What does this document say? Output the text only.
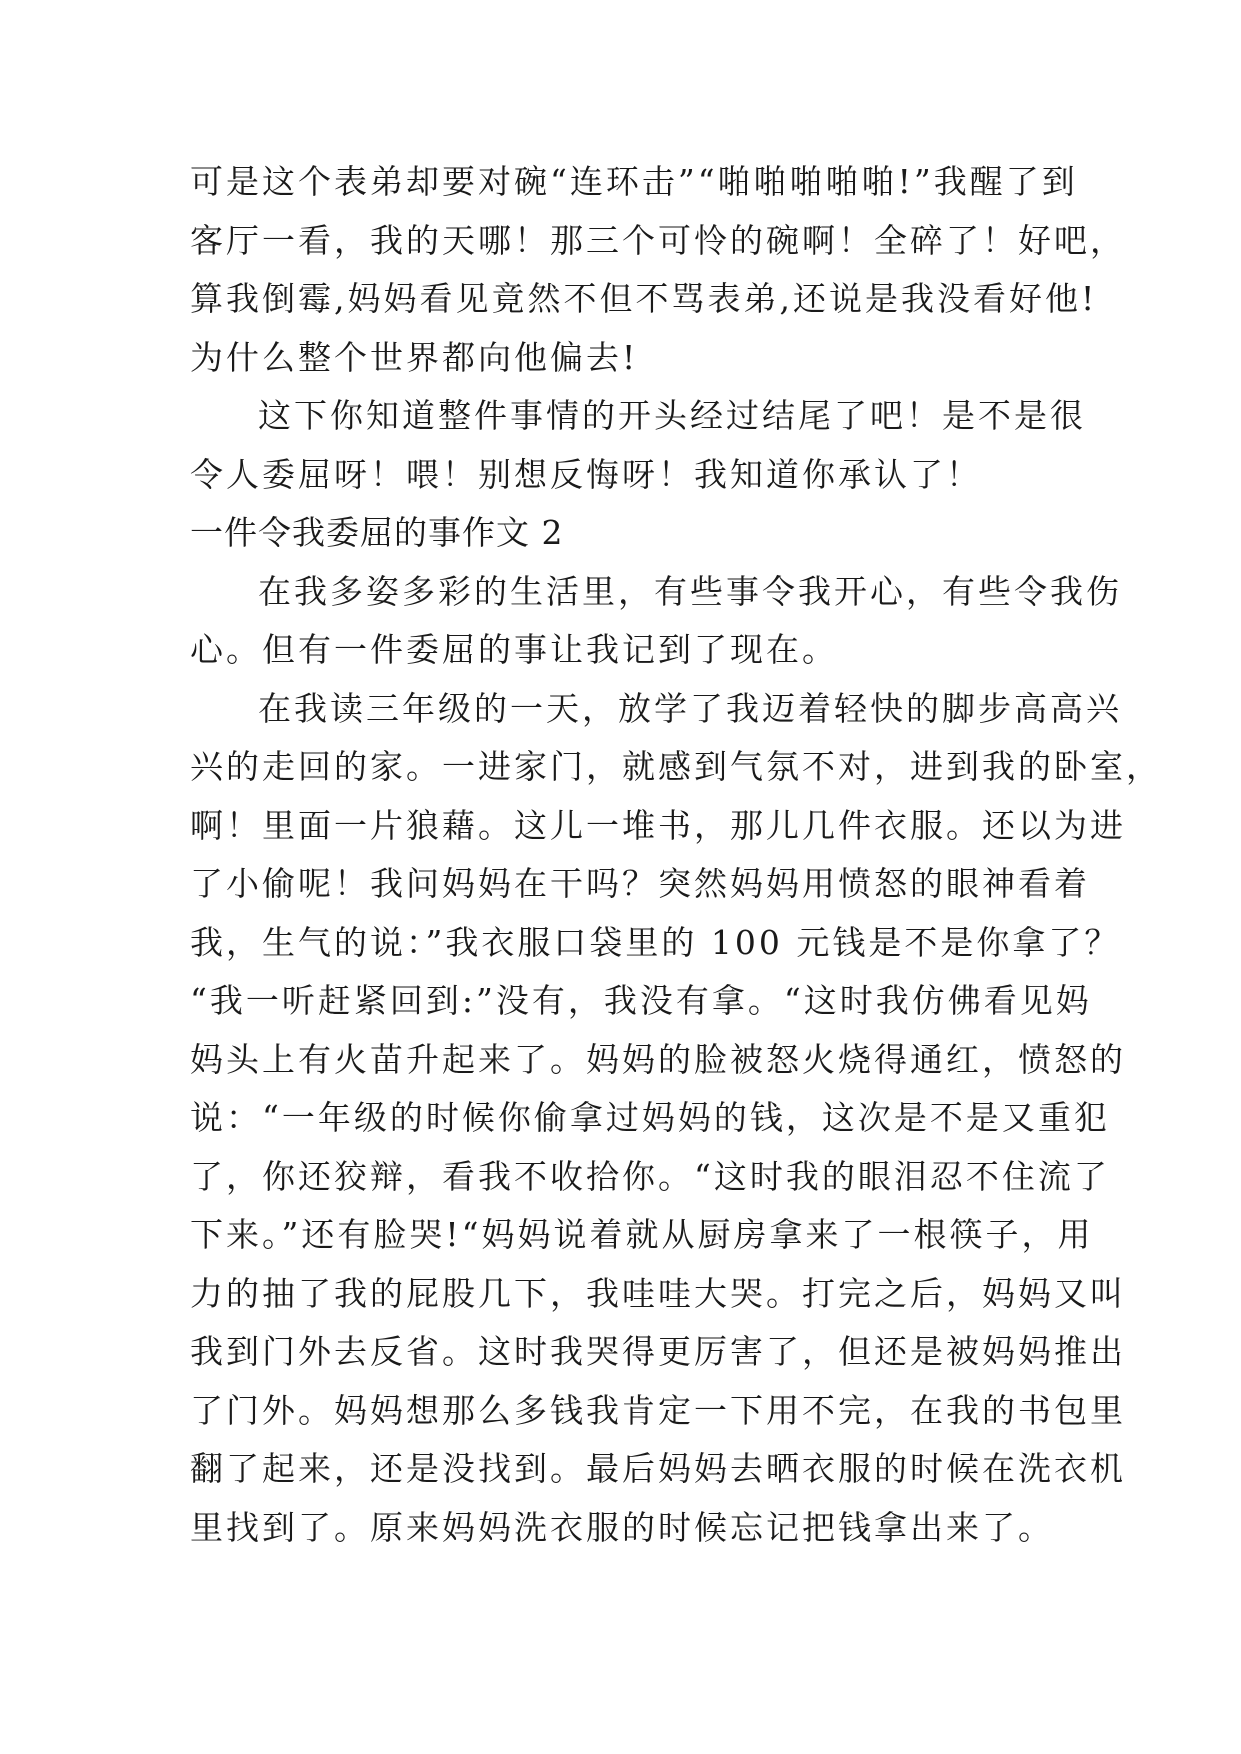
可是这个表弟却要对碗“连环击”“啪啪啪啪啪!”我醒了到
客厅一看，我的天哪！那三个可怜的碗啊！全碎了！好吧，
算我倒霉,妈妈看见竟然不但不骂表弟,还说是我没看好他!
为什么整个世界都向他偏去!
这下你知道整件事情的开头经过结尾了吧！是不是很
令人委屈呀！喂！别想反悔呀！我知道你承认了！
一件令我委屈的事作文 2
在我多姿多彩的生活里，有些事令我开心，有些令我伤
心。但有一件委屈的事让我记到了现在。
在我读三年级的一天，放学了我迈着轻快的脚步高高兴
兴的走回的家。一进家门，就感到气氛不对，进到我的卧室，
啊！里面一片狼藉。这儿一堆书，那儿几件衣服。还以为进
了小偷呢！我问妈妈在干吗？突然妈妈用愤怒的眼神看着
我，生气的说：”我衣服口袋里的 100 元钱是不是你拿了？
“我一听赶紧回到:”没有，我没有拿。“这时我仿佛看见妈
妈头上有火苗升起来了。妈妈的脸被怒火烧得通红，愤怒的
说：“一年级的时候你偷拿过妈妈的钱，这次是不是又重犯
了，你还狡辩，看我不收拾你。“这时我的眼泪忍不住流了
下来。”还有脸哭!“妈妈说着就从厨房拿来了一根筷子，用
力的抽了我的屁股几下，我哇哇大哭。打完之后，妈妈又叫
我到门外去反省。这时我哭得更厉害了，但还是被妈妈推出
了门外。妈妈想那么多钱我肯定一下用不完，在我的书包里
翻了起来，还是没找到。最后妈妈去晒衣服的时候在洗衣机
里找到了。原来妈妈洗衣服的时候忘记把钱拿出来了。
